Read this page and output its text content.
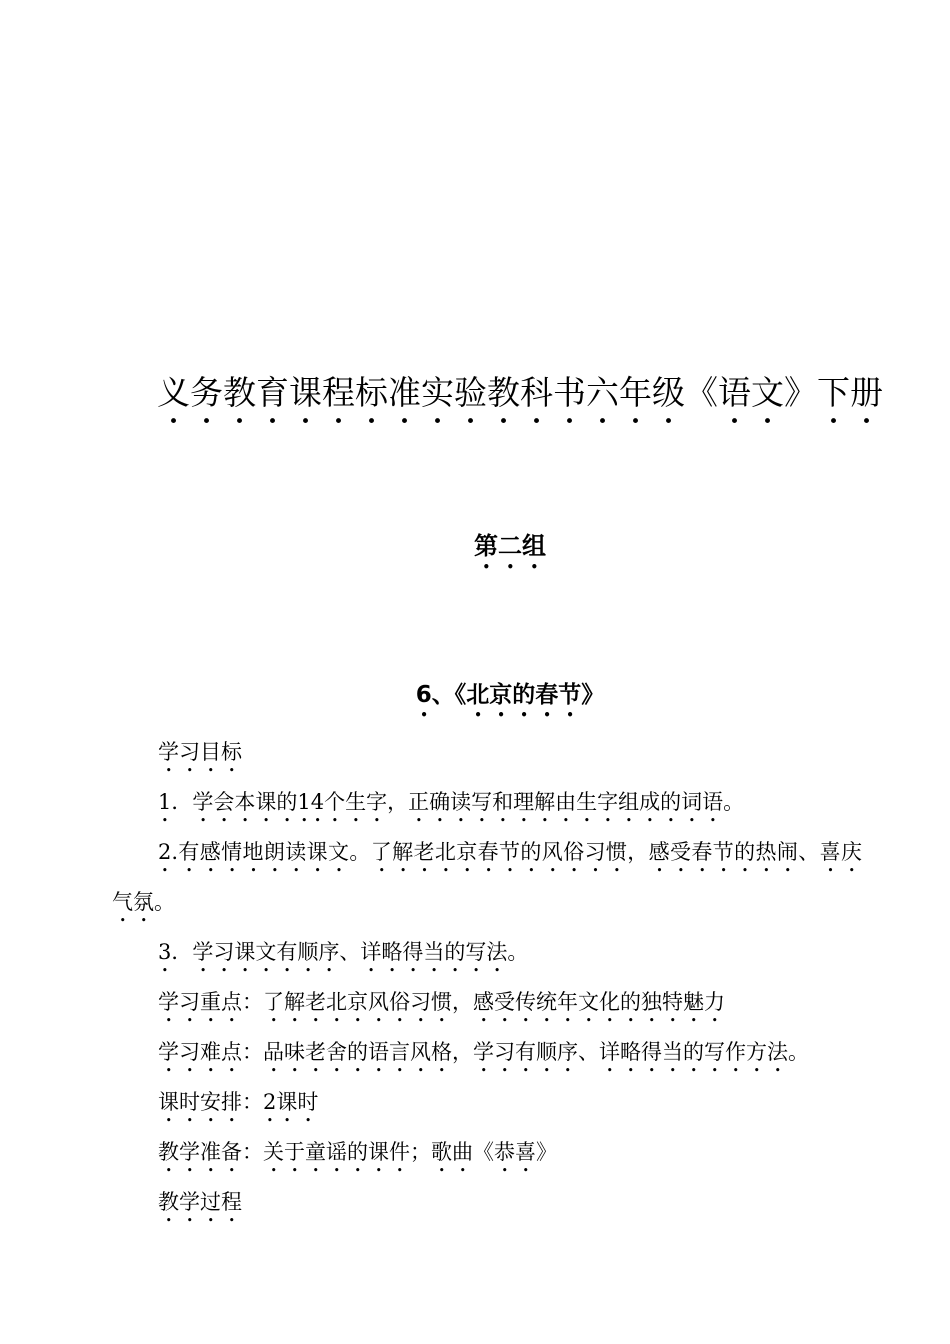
义务教育课程标准实验教科书六年级《语文》下册
第二组
6、《北京的春节》

学习目标

1．学会本课的14个生字，正确读写和理解由生字组成的词语。

2.有感情地朗读课文。了解老北京春节的风俗习惯，感受春节的热闹、喜庆气氛。

3．学习课文有顺序、详略得当的写法。

学习重点：了解老北京风俗习惯，感受传统年文化的独特魅力

学习难点：品味老舍的语言风格，学习有顺序、详略得当的写作方法。

课时安排：2课时

教学准备：关于童谣的课件；歌曲《恭喜》

教学过程
